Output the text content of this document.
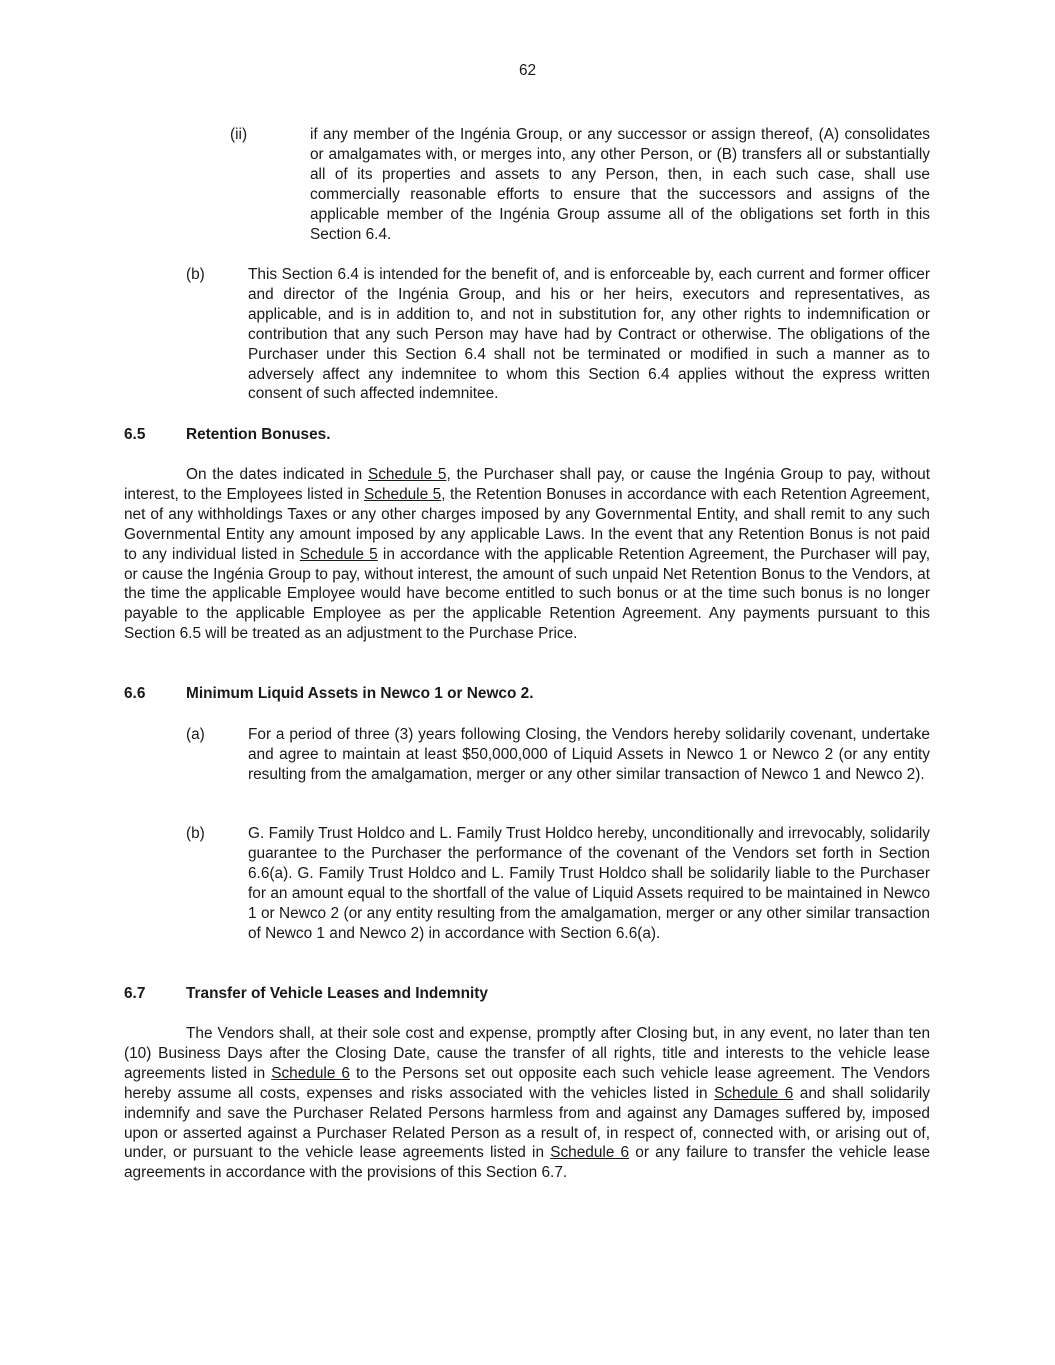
62
(ii)	if any member of the Ingénia Group, or any successor or assign thereof, (A) consolidates or amalgamates with, or merges into, any other Person, or (B) transfers all or substantially all of its properties and assets to any Person, then, in each such case, shall use commercially reasonable efforts to ensure that the successors and assigns of the applicable member of the Ingénia Group assume all of the obligations set forth in this Section 6.4.
(b)	This Section 6.4 is intended for the benefit of, and is enforceable by, each current and former officer and director of the Ingénia Group, and his or her heirs, executors and representatives, as applicable, and is in addition to, and not in substitution for, any other rights to indemnification or contribution that any such Person may have had by Contract or otherwise. The obligations of the Purchaser under this Section 6.4 shall not be terminated or modified in such a manner as to adversely affect any indemnitee to whom this Section 6.4 applies without the express written consent of such affected indemnitee.
6.5	Retention Bonuses.
On the dates indicated in Schedule 5, the Purchaser shall pay, or cause the Ingénia Group to pay, without interest, to the Employees listed in Schedule 5, the Retention Bonuses in accordance with each Retention Agreement, net of any withholdings Taxes or any other charges imposed by any Governmental Entity, and shall remit to any such Governmental Entity any amount imposed by any applicable Laws. In the event that any Retention Bonus is not paid to any individual listed in Schedule 5 in accordance with the applicable Retention Agreement, the Purchaser will pay, or cause the Ingénia Group to pay, without interest, the amount of such unpaid Net Retention Bonus to the Vendors, at the time the applicable Employee would have become entitled to such bonus or at the time such bonus is no longer payable to the applicable Employee as per the applicable Retention Agreement. Any payments pursuant to this Section 6.5 will be treated as an adjustment to the Purchase Price.
6.6	Minimum Liquid Assets in Newco 1 or Newco 2.
(a)	For a period of three (3) years following Closing, the Vendors hereby solidarily covenant, undertake and agree to maintain at least $50,000,000 of Liquid Assets in Newco 1 or Newco 2 (or any entity resulting from the amalgamation, merger or any other similar transaction of Newco 1 and Newco 2).
(b)	G. Family Trust Holdco and L. Family Trust Holdco hereby, unconditionally and irrevocably, solidarily guarantee to the Purchaser the performance of the covenant of the Vendors set forth in Section 6.6(a). G. Family Trust Holdco and L. Family Trust Holdco shall be solidarily liable to the Purchaser for an amount equal to the shortfall of the value of Liquid Assets required to be maintained in Newco 1 or Newco 2 (or any entity resulting from the amalgamation, merger or any other similar transaction of Newco 1 and Newco 2) in accordance with Section 6.6(a).
6.7	Transfer of Vehicle Leases and Indemnity
The Vendors shall, at their sole cost and expense, promptly after Closing but, in any event, no later than ten (10) Business Days after the Closing Date, cause the transfer of all rights, title and interests to the vehicle lease agreements listed in Schedule 6 to the Persons set out opposite each such vehicle lease agreement. The Vendors hereby assume all costs, expenses and risks associated with the vehicles listed in Schedule 6 and shall solidarily indemnify and save the Purchaser Related Persons harmless from and against any Damages suffered by, imposed upon or asserted against a Purchaser Related Person as a result of, in respect of, connected with, or arising out of, under, or pursuant to the vehicle lease agreements listed in Schedule 6 or any failure to transfer the vehicle lease agreements in accordance with the provisions of this Section 6.7.
